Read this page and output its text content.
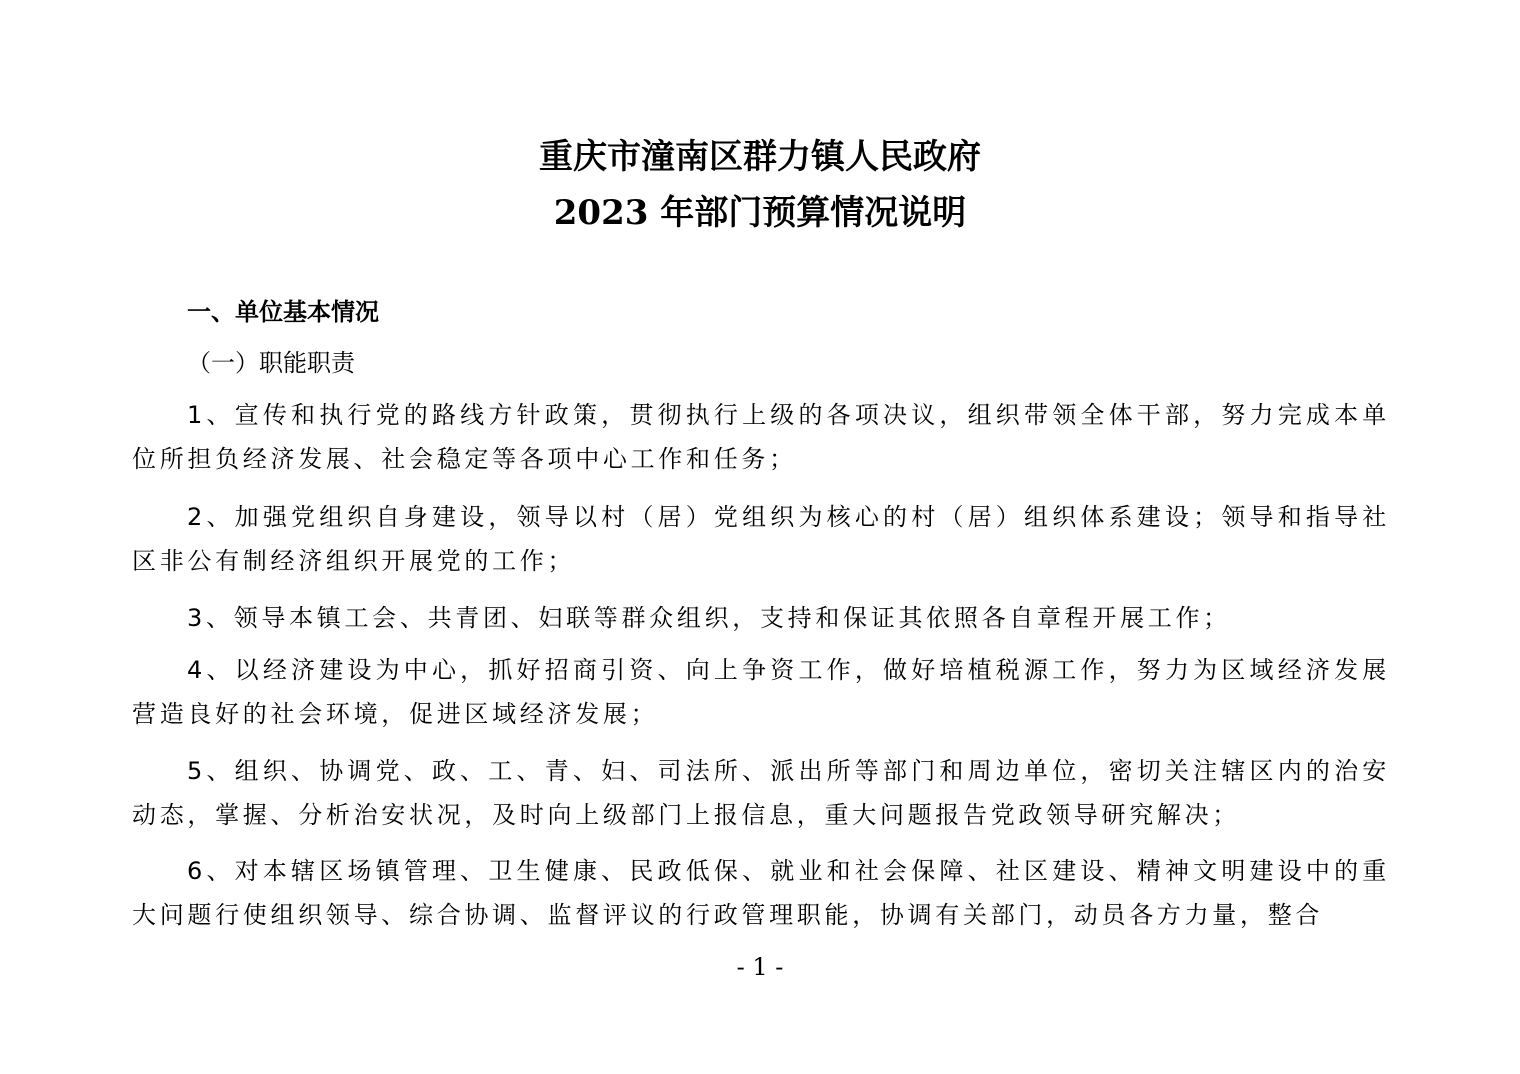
重庆市潼南区群力镇人民政府
2023 年部门预算情况说明

一、单位基本情况

（一）职能职责

1、宣传和执行党的路线方针政策，贯彻执行上级的各项决议，组织带领全体干部，努力完成本单位所担负经济发展、社会稳定等各项中心工作和任务；

2、加强党组织自身建设，领导以村（居）党组织为核心的村（居）组织体系建设；领导和指导社区非公有制经济组织开展党的工作；

3、领导本镇工会、共青团、妇联等群众组织，支持和保证其依照各自章程开展工作；

4、以经济建设为中心，抓好招商引资、向上争资工作，做好培植税源工作，努力为区域经济发展营造良好的社会环境，促进区域经济发展；

5、组织、协调党、政、工、青、妇、司法所、派出所等部门和周边单位，密切关注辖区内的治安动态，掌握、分析治安状况，及时向上级部门上报信息，重大问题报告党政领导研究解决；

6、对本辖区场镇管理、卫生健康、民政低保、就业和社会保障、社区建设、精神文明建设中的重大问题行使组织领导、综合协调、监督评议的行政管理职能，协调有关部门，动员各方力量，整合

- 1 -
